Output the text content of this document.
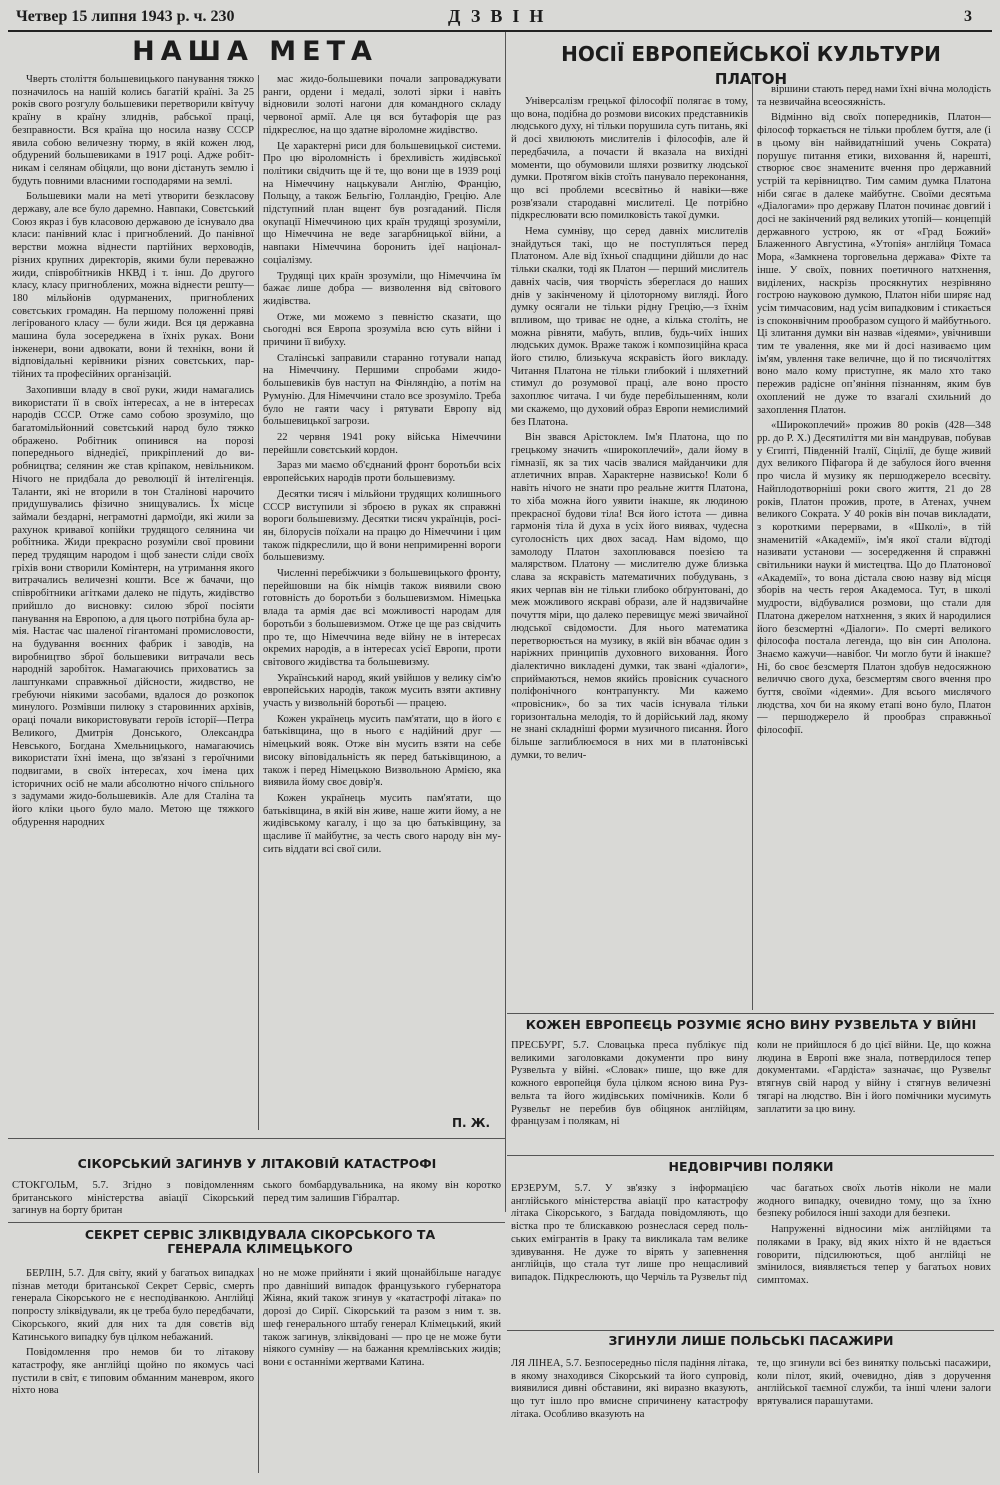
Четвер 15 липня 1943 р. ч. 230	ДЗВІН	3
НАША МЕТА

Чверть століття большевицького панування тяжко позначилось на нашій колись багатій країні. За 25 років свого розгулу большевики перетворили квітучу країну в країну злиднів, рабської праці, безправности. Вся країна що носила назву СССР явила собою величезну тюрму, в якій кожен люд, обдурений большевиками в 1917 році. Адже робітникам і селянам обіцяли, що вони дістануть землю і будуть повними власними господарями на землі.

Большевики мали на меті утворити безкласову державу, але все було даремно. Навпаки, Совєтський Союз якраз і був класовою державою де існувало два класи: панівний клас і пригноблений. До панівної верстви можна віднести партійних верховодів, різних крупних директорів, якими були переважно жиди, співробітників НКВД і т. інш. До другого класу, класу пригноблених, можна віднести решту—180 мільйонів одурманених, пригноблених совєтських громадян. На першому положенні пряві легірованого класу — були жиди. Вся ця державна машина була зосереджена в їхніх руках. Вони інженери, вони адвокати, вони й технікн, вони й відповідальні керівники різних совєтських, партійних та професійних організацій.

Захопивши владу в свої руки, жиди намагались використати її в своїх інтересах, а не в інтересах народів СССР. Отже само собою зрозуміло, що багатомільйонний совєтський народ було тяжко ображено. Робітник опинився на порозі попереднього віднедієї, прикріплений до виробництва; селянин же став кріпаком, невільником. Нічого не придбала до революції й інтелігенція. Таланти, які не вторили в тон Сталінові нарочито придушувались фізично знищувались. Їх місце займали бездарні, неграмотні дармоїди, які жили за рахунок кривавої копійки трудящого селянина чи робітника. Жиди прекрасно розуміли свої провини перед трудящим народом і щоб занести сліди своїх гріхів вони створили Комінтерн, на утримання якого витрачались величезні кошти. Все ж бачачи, що співробітники агітками далеко не підуть, жидівство прийшло до висновку: силою зброї посіяти панування на Европою, а для цього потрібна була армія. Настає час шаленої гігантомані промисловости, на будування воєнних фабрик і заводів, на виробництво зброї большевики витрачали весь народній заробіток. Намагаючись прихoвaтись за лаштунками справжньої дійсности, жидвство, не гребуючи ніякими засобами, вдалося до розкопок минулого. Розмівши пилюку з старовинних архівів, ораці почали використовувати героїв історії—Петра Великого, Дмитрія Донського, Олександра Невського, Богдана Хмельницького, намагаючись використати їхні імена, що зв'язані з героїчними подвигами, в своїх інтересах, хоч імена цих історичних осіб не мали абсолютно нічого спільного з задумами жидо-большевиків. Але для Сталіна та його кліки цього було мало. Метою ще тяжкого обдурення народних

мас жидо-большевики почали запроваджувати ранги, ордени і медалі, золоті зірки і навіть відновили золоті нагони для командного складу червоної армії. Але ця вся бутафорія ще раз підкреслює, на що здатне віроломне жидівство.

Це характерні риси для большевицької системи. Про цю віроломність і брехливість жидівської політики свідчить ще й те, що вони ще в 1939 році на Німеччину нацькували Англію, Францію, Польщу, а також Бельгію, Голландію, Грецію. Але підступний план вщент був розгаданий. Після окупації Німеччиною цих країн трудящі зрозуміли, що Німеччина не веде загарбницької війни, а навпаки Німеччина боронить ідеї націонал-соціалізму.

Трудящі цих країн зрозуміли, що Німеччина їм бажає лише добра — визволення від світового жидівства.

Отже, ми можемо з певністю сказати, що сьогодні вся Европа зрозуміла всю суть війни і причини її вибуху.

Сталінські заправили старанно готували напад на Німеччину. Першими спробами жидо-большевиків був наступ на Фінляндію, а потім на Румунію. Для Німеччини стало все зрозуміло. Треба було не гаяти часу і рятувати Европу від большевицької загрози.

22 червня 1941 року війська Німеччини перейшли совєтський кордон.

Зараз ми маємо об'єднаний фронт боротьби всіх европейських народів проти большевизму.

Десятки тисяч і мільйони трудящих колишнього СССР виступили зі зброєю в руках як справжні вороги большeвизму. Десятки тисяч українців, росіян, білорусів поїхали на працю до Німеччини і цим також підкреслили, що й вони непримиренні вороги большевизму.

Численні перебіжчики з большевицького фронту, перейшовши на бік німців також виявили свою готовність до боротьби з большевизмом. Німецька влада та армія дає всі можливості народам для боротьби з большевизмом. Отже це ще раз свідчить про те, що Німеччина веде війну не в інтересах окремих народів, а в інтересах усієї Европи, проти світового жидівства та большевизму.

Український народ, який увійшов у велику сім'ю европейських народів, також мусить взяти активну участь у визвольній боротьбі — працею.

Кожен українець мусить пам'ятати, що в його є батьківщина, що в нього є надійний друг — німецький вояк. Отже він мусить взяти на себе високу віповідальність як перед батьківщиною, а також і перед Німецькою Визвольною Армією, яка виявила йому своє довір'я.

Кожен українець мусить пам'ятати, що батьківщина, в якій він живе, наше жити йому, а не жидівському кагалу, і що за цю батьківщину, за щасливе її майбутнє, за честь свого народу він мусить віддати всі свої сили.

П. Ж.
НОСІЇ ЕВРОПЕЙСЬКОЇ КУЛЬТУРИ
ПЛАТОН

Універсалізм грецької філософії полягає в тому, що вона, подібна до розмови високих представників людського духу, ні тільки порушила суть питань, які й досі хвилюють мислителів і філософів, але й передбачила, а почасти й вказала на вихідні моменти, що обумовили шляхи розвитку людської думки. Протягом віків стоїть панувало переконання, що всі проблеми всесвітньо й навіки—вже розв'язали стародавні мислителі. Це потрібно підкреслювати всю помилковість такої думки.

Нема сумніву, що серед давніх мислителів знайдуться такі, що не поступляться перед Платоном. Але від їхньої спадщини дійшли до нас тільки скалки, тоді як Платон — перший мислитель давніх часів, чия творчість збереглася до наших днів у закінченому й цілоторному вигляді. Його думку осягали не тільки рідну Грецію,—з їхнім впливом, що триває не одне, а кілька століть, не можна рівняти, мабуть, вплив, будь-чиїх інших людських думок. Враже також і композиційна краса його стилю, близькуча яскравість його викладу. Читання Платона не тільки глибокий і шляхетний стимул до розумової праці, але воно просто захоплює читача. І чи буде перебільшенням, коли ми скажемо, що духовий образ Европи немислимий без Платона.

Він звався Арістоклем. Ім'я Платона, що по грецькому значить «широкоплечий», дали йому в гімназії, як за тих часів звалися майданчики для атлетичних вправ. Характерне назвисько! Коли б навіть нічого не знати про реальне життя Платона, то хіба можна його уявити інакше, як людиною прекрасної будови тіла! Вся його істота — дивна гармонія тіла й духа в усіх його виявах, чудесна суголосність цих двох засад. Нам відомо, що замолоду Платон захоплювався поезією та малярством. Платону — мислителю дуже близька слава за яскравість математичних побудувань, з яких черпав він не тільки глибоко обґрунтовані, до меж можливого яскраві образи, але й надзвичайне почуття міри, що далеко перевищує межі звичайної людської свідомости. Для нього математика перетворюється на музику, в якій він вбачає один з наріжних принципів духовного виховання. Його діалектично викладені думки, так звані «діалоги», сприймаються, немов якийсь провісник сучасного поліфонічного контрапункту. Ми кажемо «провісник», бо за тих часів існувала тільки горизонтальна мелодія, то й дорійський лад, якому не знані складніші форми музичного писання. Його більше заглиблюємося в них ми в платонівські думки, то велич-

віршини стають перед нами їхні вічна молодість та незвичайна всеосяжність.

Відмінно від своїх попередників, Платон—філософ торкається не тільки проблем буття, але (і в цьому він найвидатніший учень Сократа) порушує питання етики, виховання й, нарешті, створює своє знаменитє вчення про державний устрій та керівництво. Тим самим думка Платона ніби сягає в далеке майбутнє. Своїми десятьма «Діалогами» про державу Платон починає довгий і досі не закінчений ряд великих утопій— концепцій державного устрою, як от «Град Божий» Блаженного Августина, «Утопія» англійця Томаса Мора, «Замкнена торговельна держава» Фіхте та інше. У своїх, повних поетичного натхнення, виділених, наскрізь просякнутих незрівняно гострою науковою думкою, Платон ніби ширяє над усім тимчасовим, над усім випадковим і стикається із споконвічним прообразом сущого й майбутнього. Ці злитання думки він назвав «ідеями», увічнивши тим те увалення, яке ми й досі називаємо цим ім'ям, увлення таке величне, що й по тисячоліттях воно мало кому приступне, як мало хто тако пережив радісне опʼяніння пізнанням, яким був охоплений не дуже то взагалі схильний до захоплення Платон.

«Широкоплечий» прожив 80 років (428—348 рр. до Р. Х.) Десятиліття ми він мандрував, побував у Єгипті, Південній Італії, Сіцілії, де буще живий дух великого Піфагора й де забулося його вчення про числа й музику як першоджерело всесвіту. Найплодотворніші роки свого життя, 21 до 28 років, Платон прожив, проте, в Атенах, учнем великого Сократа. У 40 років він почав викладати, з короткими перервами, в «Школі», в тій знаменитій «Академії», ім'я якої стали вїдтоді називати установи — зосередження й справжні світильники науки й мистецтва. Що до Платонової «Академії», то вона дістала свою назву від місця зборів на честь героя Академоса. Тут, в школі мудрости, відбувалися розмови, що стали для Платона джерелом натхнення, з яких й народилися його безсмертні «Діалоги». По смерті великого філософа постала легенда, що він син Аполона. Знаємо кажучи—навiбoг. Чи могло бути й інакше? Ні, бо своє безсмертя Платон здобув недосяжною величчю свого духа, безсмертям свого вчення про буття, своїми «ідеями». Для всього мислячого людства, хоч би на якому етапі воно було, Платон— першоджерело й прообраз справжньої філософії.

КОЖЕН ЕВРОПЕЄЦЬ РОЗУМІЄ ЯСНО ВИНУ РУЗВЕЛЬТА У ВІЙНІ
ПРЕСБУРГ, 5.7. Словацька преса публікує під великими заголовками документи про вину Рузвельта у війні. «Словак» пише, що вже для кожного европейця була цілком ясною вина Рузвельта та його жидівських помічників. Коли б Рузвельт не перебив був обіцянок англійцям, французам і полякам, ні
коли не прийшлося б до цієї війни. Це, що кожна людина в Европі вже знала, потвердилося тепер документами. «Гардіста» зазначає, що Рузвельт втягнув свій народ у війну і стягнув величезні тягарі на людство. Він і його помічники мусимуть заплатити за цю вину.
СІКОРСЬКИЙ ЗАГИНУВ У ЛІТАКОВІЙ КАТАСТРОФІ
СТОКГОЛЬМ, 5.7. Згідно з повідомленням британського міністерства авіації Сікорський загинув на борту британ
ського бомбардувальника, на якому він коротко перед тим залишив Гібралтар.
СЕКРЕТ СЕРВІС ЗЛІКВІДУВАЛА СІКОРСЬКОГО ТА ГЕНЕРАЛА КЛІМЕЦЬКОГО

БЕРЛІН, 5.7. Для світу, який у багатьох випадках пізнав методи британської Секрет Сервіс, смерть генерала Сікорського не є несподіванкою. Англійці попросту зліквідували, як це треба було передбачати, Сікорського, який для них та для совєтів від Катинського випадку був цілком небажаний.

Повідомлення про немов би то літакову катастрофу, яке англійці щойно по якомусь часі пустили в світ, є типовим обманним маневром, якого ніхто нова

но не може прийняти і який щонайбільше нагадує про давніший випадок французького губернатора Жіяна, який також згинув у «катастрофі літака» по дорозі до Сирії. Сікорський та разом з ним т. зв. шеф генерального штабу генерал Клімецький, який також загинув, зліквідовані — про це не може бути ніякого сумніву — на бажання кремлівських жидів; вони є останніми жертвами Катина.
НЕДОВІРЧИВІ ПОЛЯКИ
ЕРЗЕРУМ, 5.7. У зв'язку з інформацією англійського міністерства авіації про катастрофу літака Сікорського, з Багдада повідомляють, що вістка про те блискавкою рознеслася серед польських емігрантів в Іраку та викликала там велике здивування. Не дуже то вірять у запевнення англійців, що стала тут лише про нещасливий випадок. Підкреслюють, що Черчіль та Рузвельт під

час багатьох своїх льотів ніколи не мали жодного випадку, очевидно тому, що за їхню безпеку робилося інші заходи для безпеки.

Напруженні відносини між англійцями та поляками в Іраку, від яких ніхто й не вдається говорити, підсилюються, щоб англійці не змінилося, виявляється тепер у багатьох нових симптомах.

ЗГИНУЛИ ЛИШЕ ПОЛЬСЬКІ ПАСАЖИРИ
ЛЯ ЛІНЕА, 5.7. Безпосередньо після падіння літака, в якому знаходився Сікорський та його супровід, виявилися дивні обставини, які виразно вказують, що тут ішло про вмисне спричинену катастрофу літака. Особливо вказують на
те, що згинули всі без винятку польські пасажири, коли пілот, який, очевидно, діяв з доручення англійської таємної служби, та інші члени залоги врятувалися парашутами.
